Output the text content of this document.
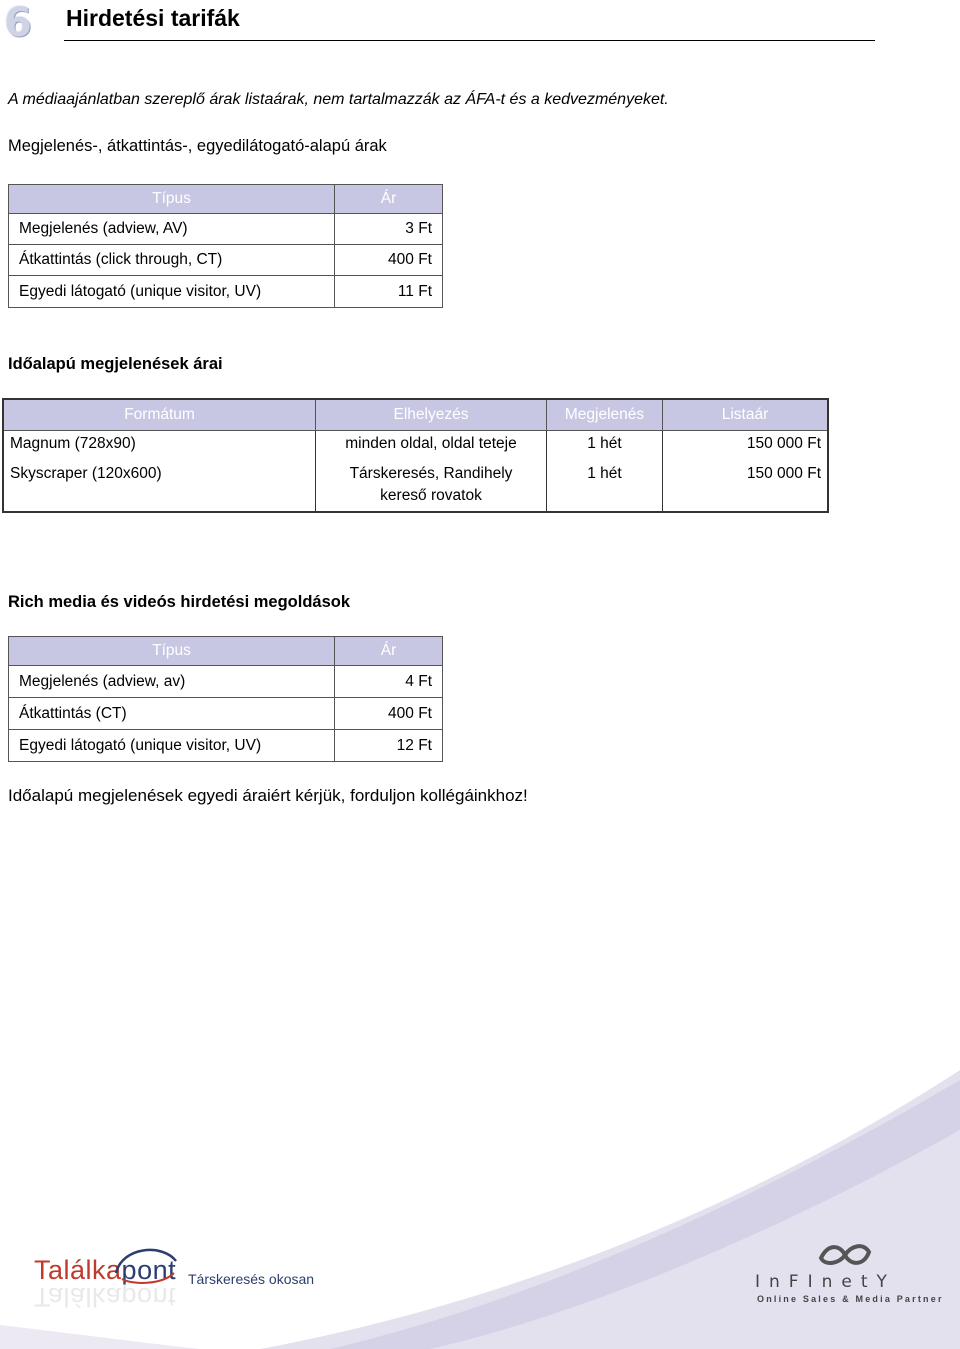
6	Hirdetési tarifák
A médiaajánlatban szereplő árak listaárak, nem tartalmazzák az ÁFA-t és a kedvezményeket.
Megjelenés-, átkattintás-, egyedilátogató-alapú árak
Típus	Ár
Megjelenés (adview, AV)	3 Ft
Átkattintás (click through, CT)	400 Ft
Egyedi látogató (unique visitor, UV)	11 Ft
Időalapú megjelenések árai
Formátum	Elhelyezés	Megjelenés	Listaár
Magnum (728x90)	minden oldal, oldal teteje	1 hét	150 000 Ft
Skyscraper (120x600)	Társkeresés, Randihely kereső rovatok	1 hét	150 000 Ft
Rich media és videós hirdetési megoldások
Típus	Ár
Megjelenés (adview, av)	4 Ft
Átkattintás (CT)	400 Ft
Egyedi látogató (unique visitor, UV)	12 Ft
Időalapú megjelenések egyedi áraiért kérjük, forduljon kollégáinkhoz!
Találkapont
Találkapont
Társkeresés okosan	InFInetY
Online Sales & Media Partner
